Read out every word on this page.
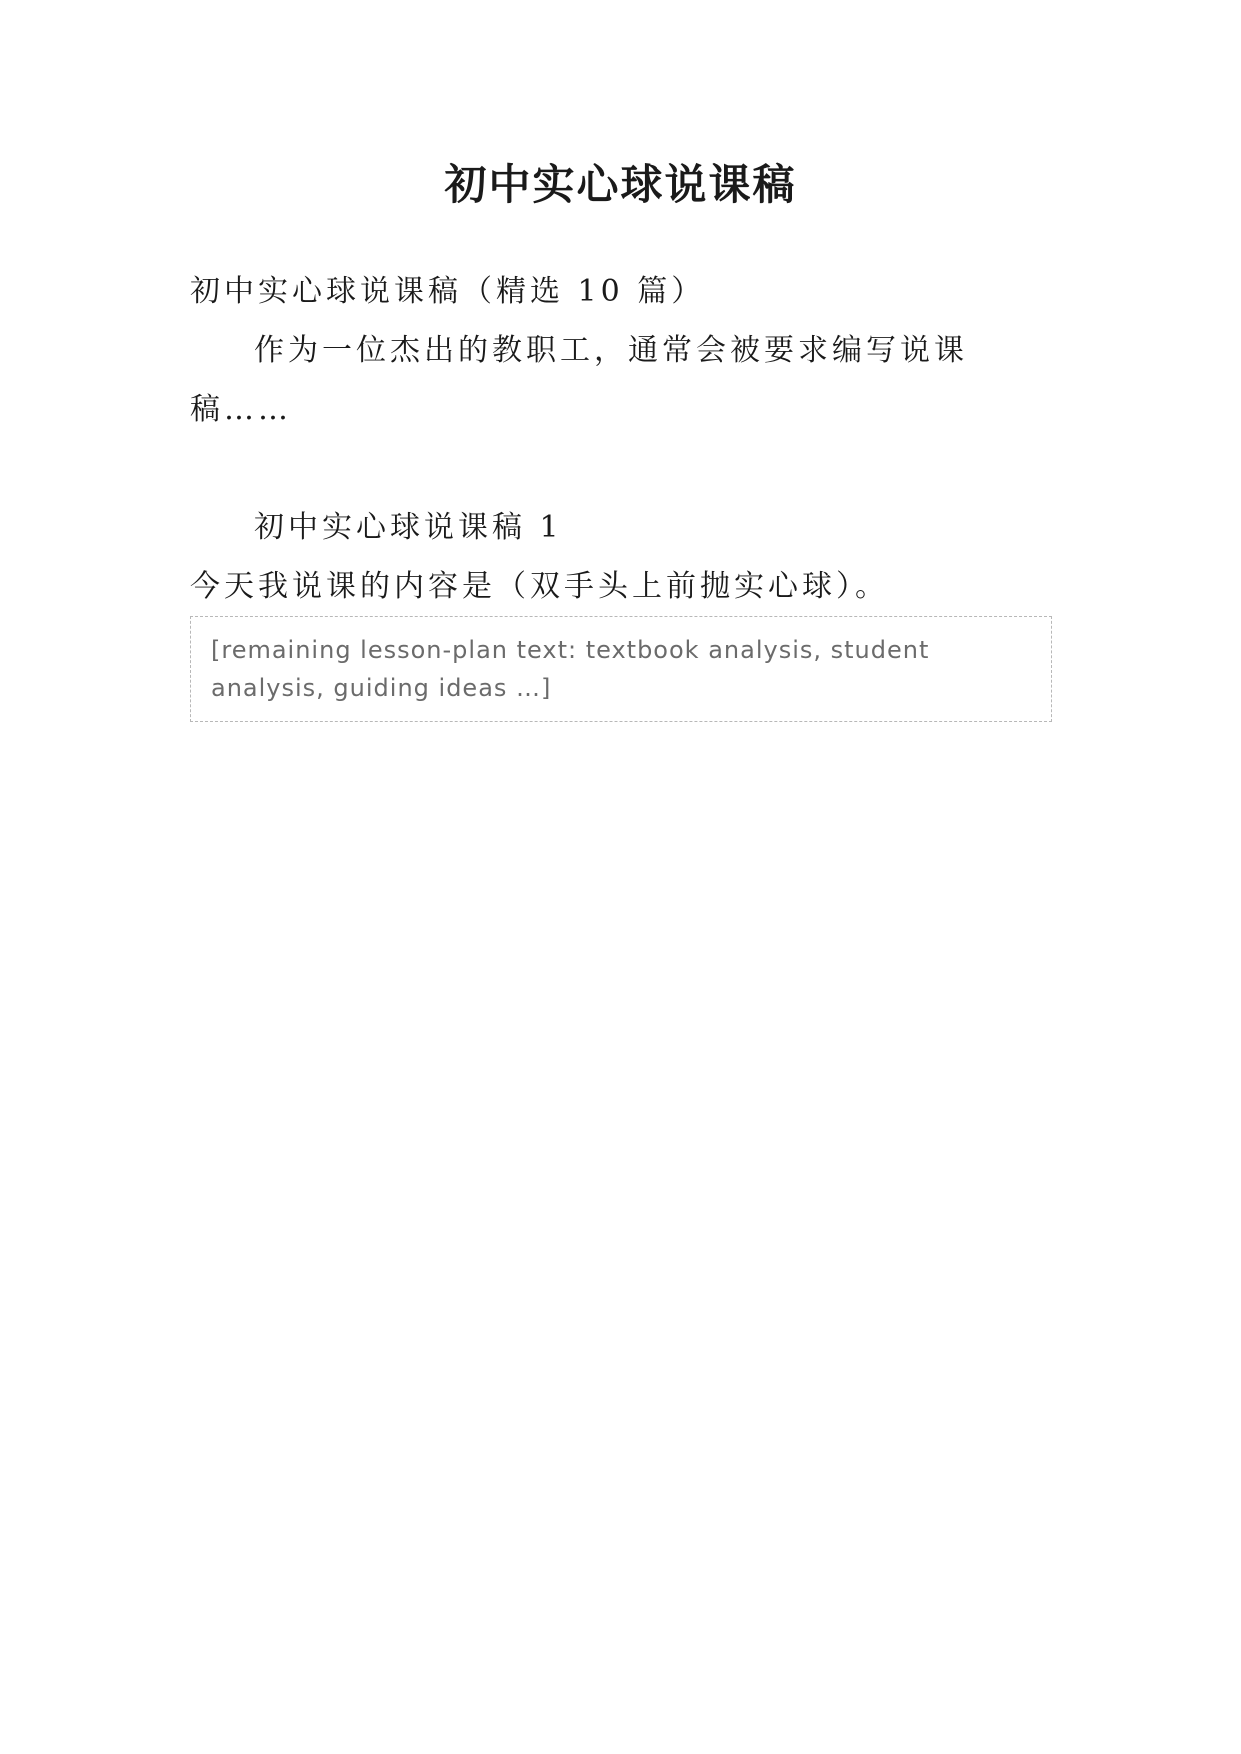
初中实心球说课稿

初中实心球说课稿（精选 10 篇）

作为一位杰出的教职工，通常会被要求编写说课稿……

初中实心球说课稿 1

今天我说课的内容是（双手头上前抛实心球）。

[remaining lesson-plan text: textbook analysis, student analysis, guiding ideas …]
